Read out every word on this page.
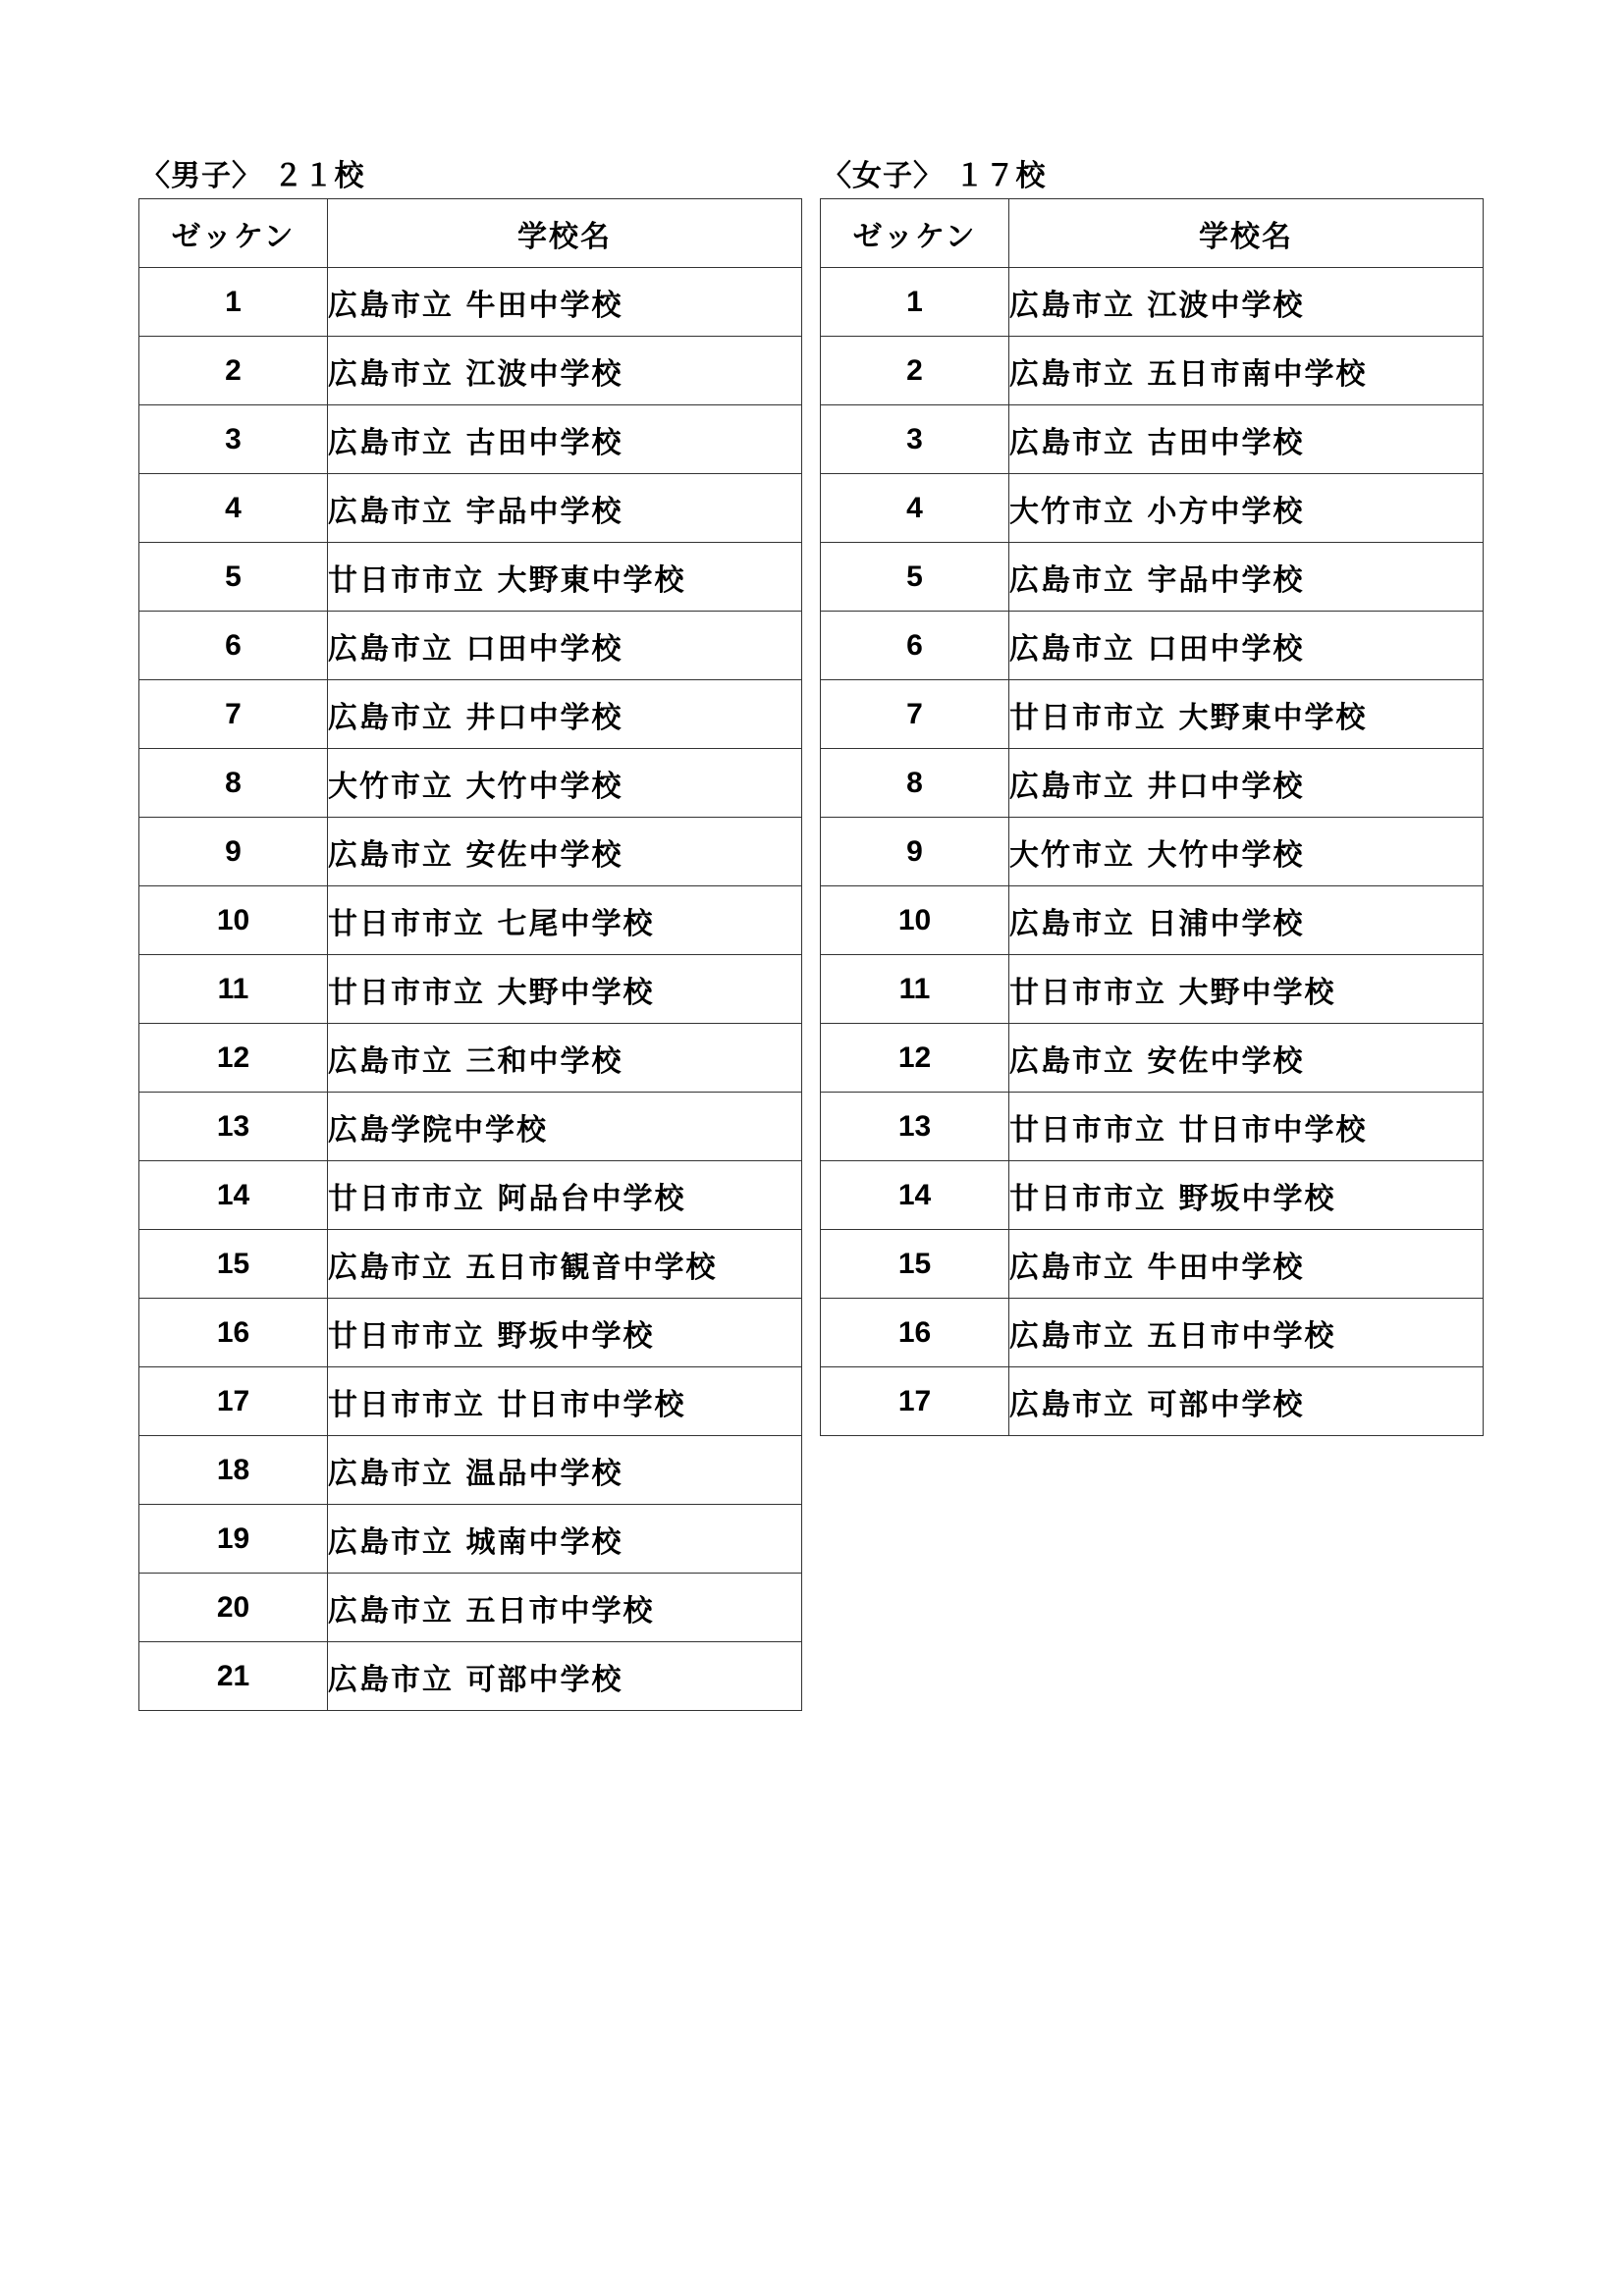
〈男子〉 ２１校
ゼッケン	学校名
1	広島市立 牛田中学校
2	広島市立 江波中学校
3	広島市立 古田中学校
4	広島市立 宇品中学校
5	廿日市市立 大野東中学校
6	広島市立 口田中学校
7	広島市立 井口中学校
8	大竹市立 大竹中学校
9	広島市立 安佐中学校
10	廿日市市立 七尾中学校
11	廿日市市立 大野中学校
12	広島市立 三和中学校
13	広島学院中学校
14	廿日市市立 阿品台中学校
15	広島市立 五日市観音中学校
16	廿日市市立 野坂中学校
17	廿日市市立 廿日市中学校
18	広島市立 温品中学校
19	広島市立 城南中学校
20	広島市立 五日市中学校
21	広島市立 可部中学校
〈女子〉 １７校
ゼッケン	学校名
1	広島市立 江波中学校
2	広島市立 五日市南中学校
3	広島市立 古田中学校
4	大竹市立 小方中学校
5	広島市立 宇品中学校
6	広島市立 口田中学校
7	廿日市市立 大野東中学校
8	広島市立 井口中学校
9	大竹市立 大竹中学校
10	広島市立 日浦中学校
11	廿日市市立 大野中学校
12	広島市立 安佐中学校
13	廿日市市立 廿日市中学校
14	廿日市市立 野坂中学校
15	広島市立 牛田中学校
16	広島市立 五日市中学校
17	広島市立 可部中学校
